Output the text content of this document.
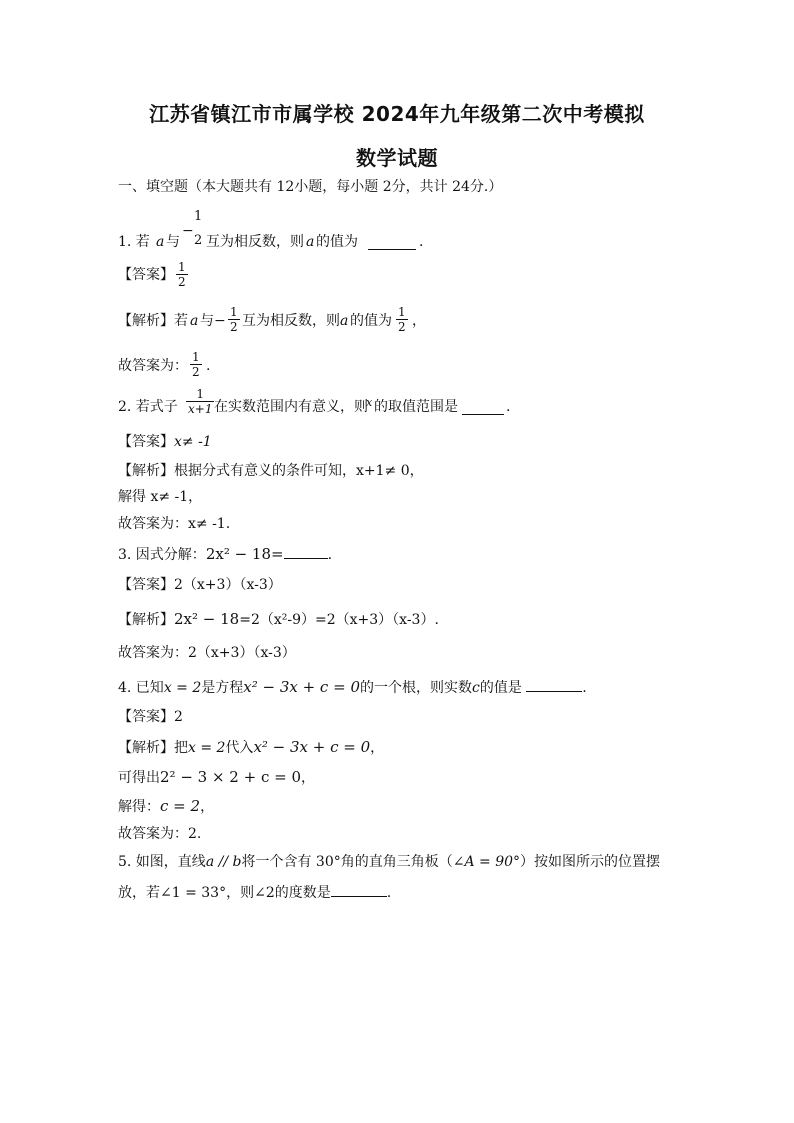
江苏省镇江市市属学校 2024年九年级第二次中考模拟
数学试题
一、填空题（本大题共有 12小题，每小题 2分，共计 24分.）
1. 若 a 与
−
1
2 互为相反数，则 a 的值为	.
【答案】 $\frac{1}{2}$
【解析】 若 a 与− $\frac{1}{2}$ 互为相反数，则 a 的值为 $\frac{1}{2}$ ，
故答案为： $\frac{1}{2}$ .
2. 若式子 $\frac{1}{x+1}$ 在实数范围内有意义，则
x 的取值范围是	.
【答案】x≠ -1
【解析】根据分式有意义的条件可知，x+1≠ 0，
解得 x≠ -1，
故答案为：x≠ -1.
3. 因式分解：2x² − 18=	.
【答案】2（x+3）（x-3）
【解析】2x² − 18=2（x²-9）=2（x+3）（x-3）.
故答案为：2（x+3）（x-3）
4. 已知x = 2是方程x² − 3x + c = 0的一个根，则实数c的值是	.
【答案】2
【解析】把x = 2代入x² − 3x + c = 0，
可得出2² − 3 × 2 + c = 0，
解得：c = 2，
故答案为：2.
5. 如图，直线a // b将一个含有 30°角的直角三角板（∠A = 90°）按如图所示的位置摆
放，若∠1 = 33°，则∠2的度数是	.
